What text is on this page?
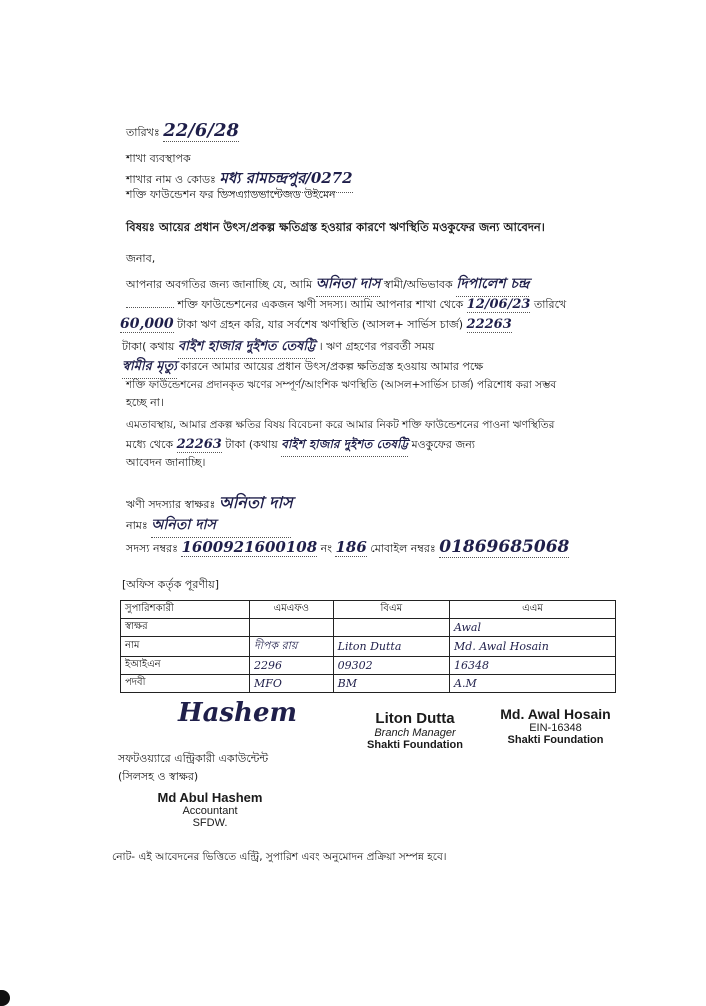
তারিখঃ 22/6/28
শাখা ব্যবস্থাপক
শাখার নাম ও কোডঃ মধ্য রামচন্দ্রপুর/0272
শক্তি ফাউন্ডেশন ফর ডিসএ্যাডভান্টেজড উইমেন
বিষয়ঃ আয়ের প্রধান উৎস/প্রকল্প ক্ষতিগ্রস্ত হওয়ার কারণে ঋণস্থিতি মওকুফের জন্য আবেদন।
জনাব,
আপনার অবগতির জন্য জানাচ্ছি যে, আমি অনিতা দাস স্বামী/অভিভাবক দিপালেশ চন্দ্র
শক্তি ফাউন্ডেশনের একজন ঋণী সদস্য। আমি আপনার শাখা থেকে 12/06/23 তারিখে
60,000 টাকা ঋণ গ্রহন করি, যার সর্বশেষ ঋণস্থিতি (আসল+ সার্ভিস চার্জ) 22263
টাকা( কথায় বাইশ হাজার দুইশত তেষট্টি । ঋণ গ্রহণের পরবর্তী সময়
স্বামীর মৃত্যু কারনে আমার আয়ের প্রধান উৎস/প্রকল্প ক্ষতিগ্রস্ত হওয়ায় আমার পক্ষে
শক্তি ফাউন্ডেশনের প্রদানকৃত ঋণের সম্পূর্ণ/আংশিক ঋণস্থিতি (আসল+সার্ভিস চার্জ) পরিশোধ করা সম্ভব
হচ্ছে না।
এমতাবস্থায়, আমার প্রকল্প ক্ষতির বিষয় বিবেচনা করে আমার নিকট শক্তি ফাউন্ডেশনের পাওনা ঋণস্থিতির
মধ্যে থেকে 22263 টাকা (কথায় বাইশ হাজার দুইশত তেষট্টি মওকুফের জন্য
আবেদন জানাচ্ছি।
ঋণী সদস্যার স্বাক্ষরঃ অনিতা দাস
নামঃ অনিতা দাস
সদস্য নম্বরঃ 1600921600108 নং 186 মোবাইল নম্বরঃ 01869685068
[অফিস কর্তৃক পূরণীয়]
সুপারিশকারী	এমএফও	বিএম	এএম
স্বাক্ষর			Awal
নাম	দীপক রায়	Liton Dutta	Md. Awal Hosain
ইআইএন	2296	09302	16348
পদবী	MFO	BM	A.M
Hashem
সফটওয়্যারে এন্ট্রিকারী একাউন্টেন্ট
(সিলসহ ও স্বাক্ষর)
Md Abul Hashem
Accountant
SFDW.
Liton Dutta
Branch Manager
Shakti Foundation
Md. Awal Hosain
EIN-16348
Shakti Foundation
নোট- এই আবেদনের ভিত্তিতে এন্ট্রি, সুপারিশ এবং অনুমোদন প্রক্রিয়া সম্পন্ন হবে।
